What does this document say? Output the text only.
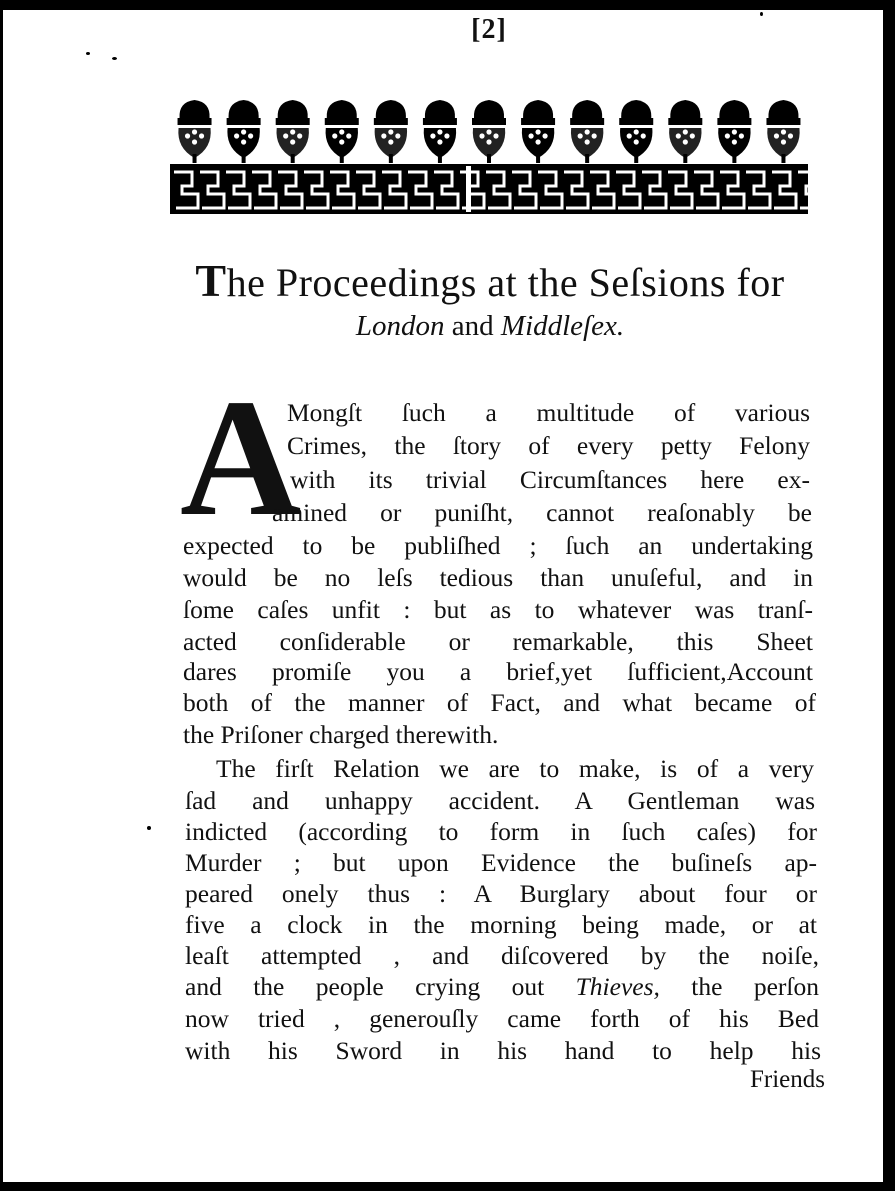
[2]
The Proceedings at the Seſsions for
London and Middleſex.
A
Mongſt ſuch a multitude of various
Crimes, the ſtory of every petty Felony
with its trivial Circumſtances here ex-
amined or puniſht, cannot reaſonably be
expected to be publiſhed ; ſuch an undertaking
would be no leſs tedious than unuſeful, and in
ſome caſes unfit : but as to whatever was tranſ-
acted conſiderable or remarkable, this Sheet
dares promiſe you a brief,yet ſufficient,Account
both of the manner of Fact, and what became of
the Priſoner charged therewith.
The firſt Relation we are to make, is of a very
ſad and unhappy accident. A Gentleman was
indicted (according to form in ſuch caſes) for
Murder ; but upon Evidence the buſineſs ap-
peared onely thus : A Burglary about four or
five a clock in the morning being made, or at
leaſt attempted , and diſcovered by the noiſe,
and the people crying out Thieves, the perſon
now tried , generouſly came forth of his Bed
with his Sword in his hand to help his
Friends
